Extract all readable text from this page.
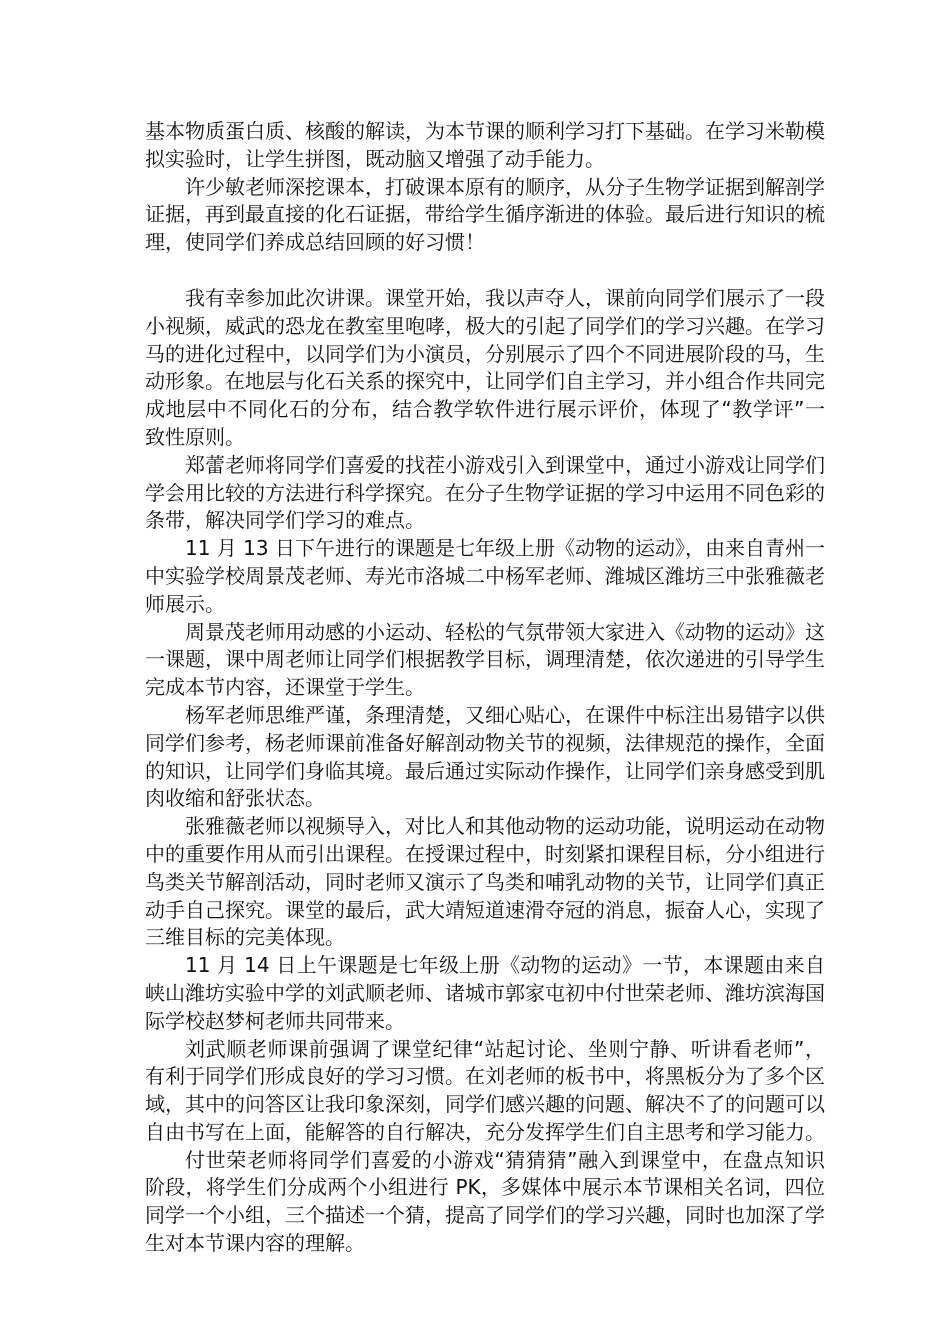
基本物质蛋白质、核酸的解读，为本节课的顺利学习打下基础。在学习米勒模拟实验时，让学生拼图，既动脑又增强了动手能力。

许少敏老师深挖课本，打破课本原有的顺序，从分子生物学证据到解剖学证据，再到最直接的化石证据，带给学生循序渐进的体验。最后进行知识的梳理，使同学们养成总结回顾的好习惯！

我有幸参加此次讲课。课堂开始，我以声夺人，课前向同学们展示了一段小视频，威武的恐龙在教室里咆哮，极大的引起了同学们的学习兴趣。在学习马的进化过程中，以同学们为小演员，分别展示了四个不同进展阶段的马，生动形象。在地层与化石关系的探究中，让同学们自主学习，并小组合作共同完成地层中不同化石的分布，结合教学软件进行展示评价，体现了“教学评”一致性原则。

郑蕾老师将同学们喜爱的找茬小游戏引入到课堂中，通过小游戏让同学们学会用比较的方法进行科学探究。在分子生物学证据的学习中运用不同色彩的条带，解决同学们学习的难点。

11 月 13 日下午进行的课题是七年级上册《动物的运动》，由来自青州一中实验学校周景茂老师、寿光市洛城二中杨军老师、潍城区潍坊三中张雅薇老师展示。

周景茂老师用动感的小运动、轻松的气氛带领大家进入《动物的运动》这一课题，课中周老师让同学们根据教学目标，调理清楚，依次递进的引导学生完成本节内容，还课堂于学生。

杨军老师思维严谨，条理清楚，又细心贴心，在课件中标注出易错字以供同学们参考，杨老师课前准备好解剖动物关节的视频，法律规范的操作，全面的知识，让同学们身临其境。最后通过实际动作操作，让同学们亲身感受到肌肉收缩和舒张状态。

张雅薇老师以视频导入，对比人和其他动物的运动功能，说明运动在动物中的重要作用从而引出课程。在授课过程中，时刻紧扣课程目标，分小组进行鸟类关节解剖活动，同时老师又演示了鸟类和哺乳动物的关节，让同学们真正动手自己探究。课堂的最后，武大靖短道速滑夺冠的消息，振奋人心，实现了三维目标的完美体现。

11 月 14 日上午课题是七年级上册《动物的运动》一节，本课题由来自峡山潍坊实验中学的刘武顺老师、诸城市郭家屯初中付世荣老师、潍坊滨海国际学校赵梦柯老师共同带来。

刘武顺老师课前强调了课堂纪律“站起讨论、坐则宁静、听讲看老师”，有利于同学们形成良好的学习习惯。在刘老师的板书中，将黑板分为了多个区域，其中的问答区让我印象深刻，同学们感兴趣的问题、解决不了的问题可以自由书写在上面，能解答的自行解决，充分发挥学生们自主思考和学习能力。

付世荣老师将同学们喜爱的小游戏“猜猜猜”融入到课堂中，在盘点知识阶段，将学生们分成两个小组进行 PK，多媒体中展示本节课相关名词，四位同学一个小组，三个描述一个猜，提高了同学们的学习兴趣，同时也加深了学生对本节课内容的理解。
